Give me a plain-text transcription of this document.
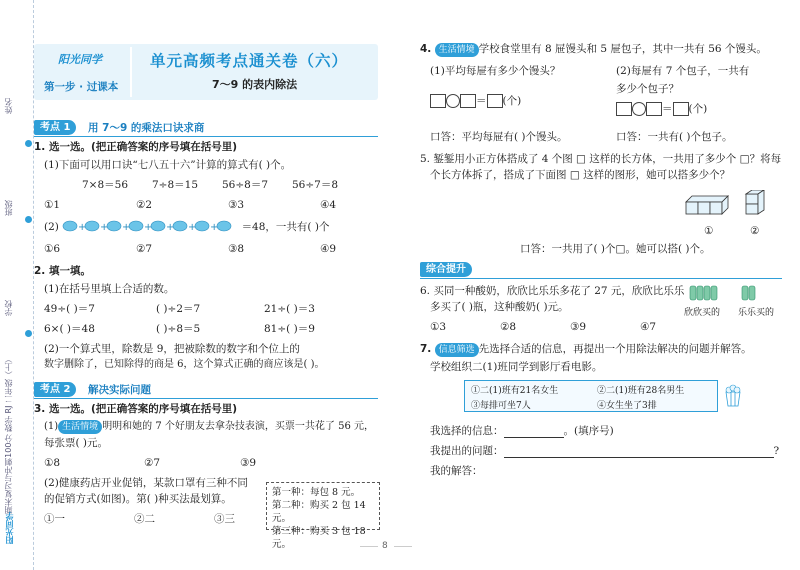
姓名
班级
学校
期末复习与冲刺100分 数学 RJ 二年级（上）
阳光同学
阳光同学
第一步 · 过课本
单元高频考点通关卷（六）
7～9 的表内除法
考点 1	用 7～9 的乘法口诀求商
1. 选一选。(把正确答案的序号填在括号里)
(1)下面可以用口诀“七八五十六”计算的算式有( )个。
7×8＝56 7÷8＝15 56÷8＝7 56÷7＝8
①1	②2	③3	④4
(2) + + + + + + + ＝48，一共有( )个
①6	②7	③8	④9
2. 填一填。
(1)在括号里填上合适的数。
49÷( )＝7	( )÷2＝7	21÷( )＝3
6×( )＝48	( )÷8＝5	81÷( )＝9
(2)一个算式里，除数是 9，把被除数的数字和个位上的
数字删除了，已知除得的商是 6，这个算式正确的商应该是( )。
考点 2	解决实际问题
3. 选一选。(把正确答案的序号填在括号里)
(1) 生活情境 明明和她的 7 个好朋友去拿杂技表演，买票一共花了 56 元，
每张票( )元。
①8	②7	③9
(2)健康药店开业促销，某款口罩有三种不同
的促销方式(如图)。第( )种买法最划算。
①一	②二	③三
第一种：每包 8 元。
第二种：购买 2 包 14 元。
第三种：购买 3 包 18 元。
4. 生活情境 学校食堂里有 8 屉馒头和 5 屉包子，其中一共有 56 个馒头。
(1)平均每屉有多少个馒头？	(2)每屉有 7 个包子，一共有
多少个包子？
＝ (个)
＝ (个)
口答：平均每屉有( )个馒头。	口答：一共有( )个包子。
5. 錾錾用小正方体搭成了 4 个图 □ 这样的长方体，一共用了多少个 □？将每
个长方体拆了，搭成了下面图 □ 这样的图形，她可以搭多少个？
①	②
口答：一共用了( )个□。她可以搭( )个。
综合提升
6. 买同一种酸奶，欣欣比乐乐多花了 27 元，欣欣比乐乐
多买了( )瓶，这种酸奶( )元。
①3	②8	③9	④7
欣欣买的 乐乐买的
7. 信息筛选 先选择合适的信息，再提出一个用除法解决的问题并解答。
学校组织二(1)班同学到影厅看电影。
①二(1)班有21名女生	②二(1)班有28名男生
③每排可坐7人	④女生坐了3排
我选择的信息：	。(填序号)
我提出的问题：	?
我的解答：
8
